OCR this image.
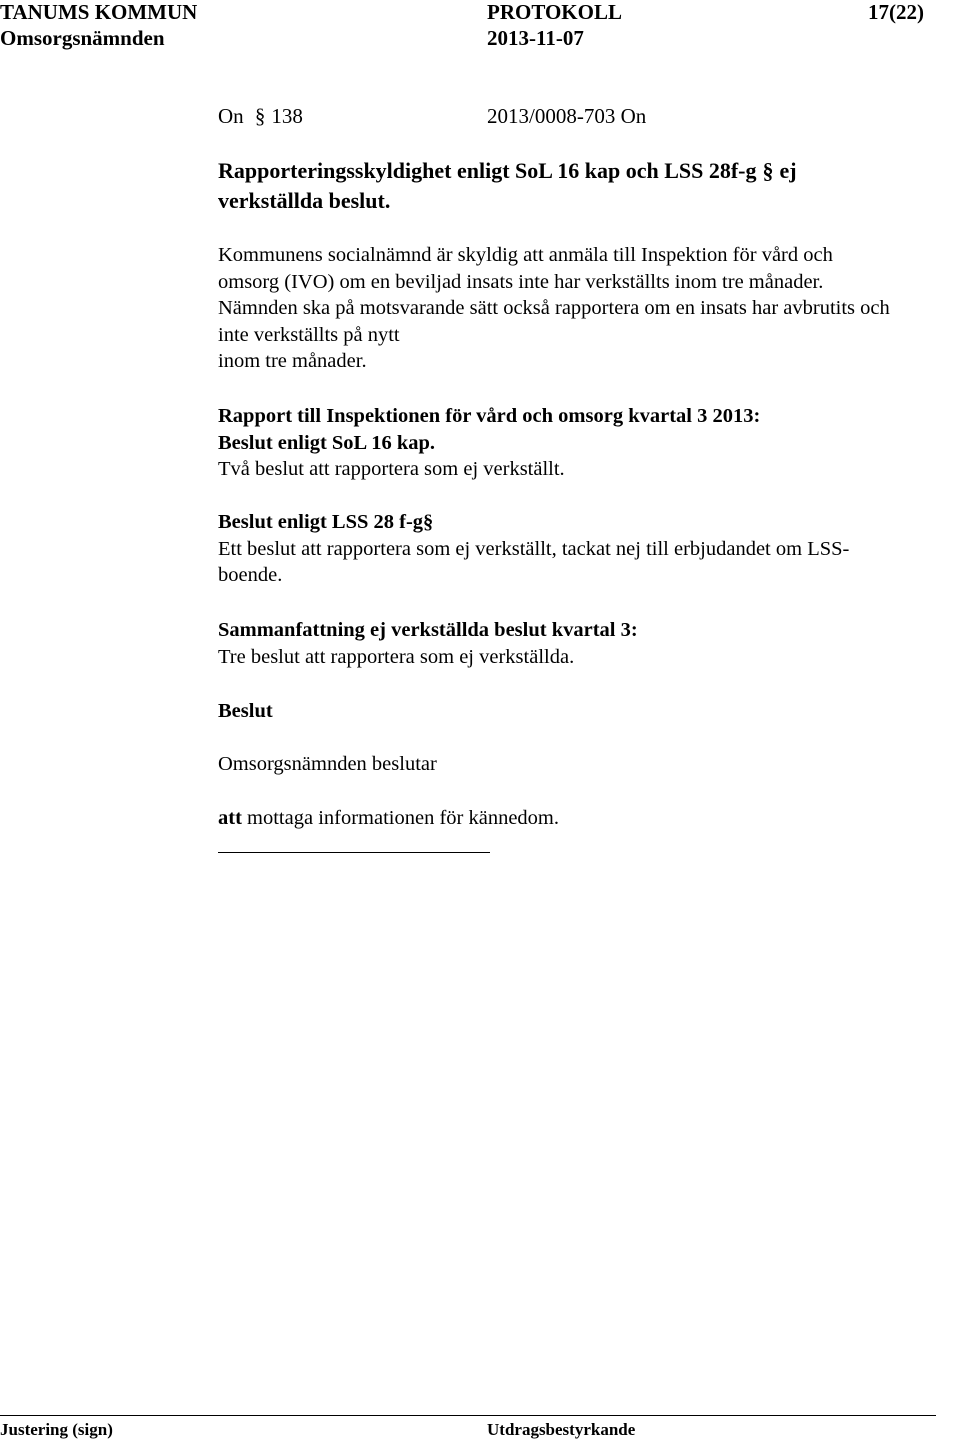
TANUMS KOMMUN	PROTOKOLL	17(22)
Omsorgsnämnden	2013-11-07
On § 138	2013/0008-703 On
Rapporteringsskyldighet enligt SoL 16 kap och LSS 28f-g § ej
verkställda beslut.
Kommunens socialnämnd är skyldig att anmäla till Inspektion för vård och
omsorg (IVO) om en beviljad insats inte har verkställts inom tre månader.
Nämnden ska på motsvarande sätt också rapportera om en insats har avbrutits och
inte verkställts på nytt
inom tre månader.
Rapport till Inspektionen för vård och omsorg kvartal 3 2013:
Beslut enligt SoL 16 kap.
Två beslut att rapportera som ej verkställt.
Beslut enligt LSS 28 f-g§
Ett beslut att rapportera som ej verkställt, tackat nej till erbjudandet om LSS-
boende.
Sammanfattning ej verkställda beslut kvartal 3:
Tre beslut att rapportera som ej verkställda.
Beslut
Omsorgsnämnden beslutar
att mottaga informationen för kännedom.
Justering (sign)	Utdragsbestyrkande
